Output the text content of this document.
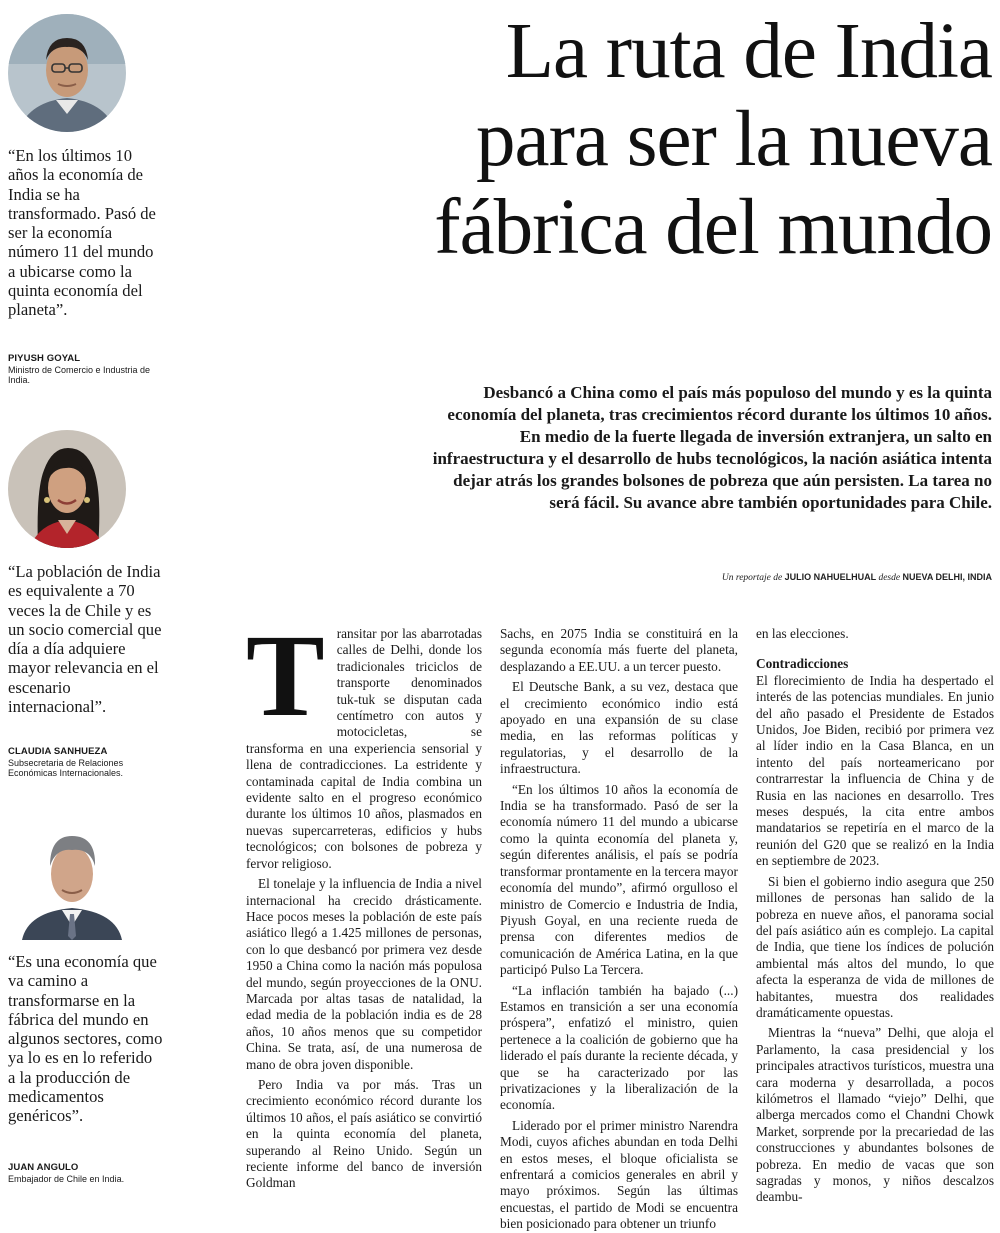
“En los últimos 10 años la economía de India se ha transformado. Pasó de ser la economía número 11 del mundo a ubicarse como la quinta economía del planeta”.

PIYUSH GOYAL

Ministro de Comercio e Industria de India.

“La población de India es equivalente a 70 veces la de Chile y es un socio comercial que día a día adquiere mayor relevancia en el escenario internacional”.

CLAUDIA SANHUEZA

Subsecretaria de Relaciones Económicas Internacionales.

“Es una economía que va camino a transformarse en la fábrica del mundo en algunos sectores, como ya lo es en lo referido a la producción de medicamentos genéricos”.

JUAN ANGULO

Embajador de Chile en India.

La ruta de India
para ser la nueva
fábrica del mundo

Desbancó a China como el país más populoso del mundo y es la quinta economía del planeta, tras crecimientos récord durante los últimos 10 años. En medio de la fuerte llegada de inversión extranjera, un salto en infraestructura y el desarrollo de hubs tecnológicos, la nación asiática intenta dejar atrás los grandes bolsones de pobreza que aún persisten. La tarea no será fácil. Su avance abre también oportunidades para Chile.

Un reportaje de JULIO NAHUELHUAL desde NUEVA DELHI, INDIA

T ransitar por las abarrotadas calles de Delhi, donde los tradicionales triciclos de transporte denominados tuk-tuk se disputan cada centímetro con autos y motocicletas, se transforma en una experiencia sensorial y llena de contradicciones. La estridente y contaminada capital de India combina un evidente salto en el progreso económico durante los últimos 10 años, plasmados en nuevas supercarreteras, edificios y hubs tecnológicos; con bolsones de pobreza y fervor religioso.

El tonelaje y la influencia de India a nivel internacional ha crecido drásticamente. Hace pocos meses la población de este país asiático llegó a 1.425 millones de personas, con lo que desbancó por primera vez desde 1950 a China como la nación más populosa del mundo, según proyecciones de la ONU. Marcada por altas tasas de natalidad, la edad media de la población india es de 28 años, 10 años menos que su competidor China. Se trata, así, de una numerosa de mano de obra joven disponible.

Pero India va por más. Tras un crecimiento económico récord durante los últimos 10 años, el país asiático se convirtió en la quinta economía del planeta, superando al Reino Unido. Según un reciente informe del banco de inversión Goldman

Sachs, en 2075 India se constituirá en la segunda economía más fuerte del planeta, desplazando a EE.UU. a un tercer puesto.

El Deutsche Bank, a su vez, destaca que el crecimiento económico indio está apoyado en una expansión de su clase media, en las reformas políticas y regulatorias, y el desarrollo de la infraestructura.

“En los últimos 10 años la economía de India se ha transformado. Pasó de ser la economía número 11 del mundo a ubicarse como la quinta economía del planeta y, según diferentes análisis, el país se podría transformar prontamente en la tercera mayor economía del mundo”, afirmó orgulloso el ministro de Comercio e Industria de India, Piyush Goyal, en una reciente rueda de prensa con diferentes medios de comunicación de América Latina, en la que participó Pulso La Tercera.

“La inflación también ha bajado (...) Estamos en transición a ser una economía próspera”, enfatizó el ministro, quien pertenece a la coalición de gobierno que ha liderado el país durante la reciente década, y que se ha caracterizado por las privatizaciones y la liberalización de la economía.

Liderado por el primer ministro Narendra Modi, cuyos afiches abundan en toda Delhi en estos meses, el bloque oficialista se enfrentará a comicios generales en abril y mayo próximos. Según las últimas encuestas, el partido de Modi se encuentra bien posicionado para obtener un triunfo

en las elecciones.

Contradicciones

El florecimiento de India ha despertado el interés de las potencias mundiales. En junio del año pasado el Presidente de Estados Unidos, Joe Biden, recibió por primera vez al líder indio en la Casa Blanca, en un intento del país norteamericano por contrarrestar la influencia de China y de Rusia en las naciones en desarrollo. Tres meses después, la cita entre ambos mandatarios se repetiría en el marco de la reunión del G20 que se realizó en la India en septiembre de 2023.

Si bien el gobierno indio asegura que 250 millones de personas han salido de la pobreza en nueve años, el panorama social del país asiático aún es complejo. La capital de India, que tiene los índices de polución ambiental más altos del mundo, lo que afecta la esperanza de vida de millones de habitantes, muestra dos realidades dramáticamente opuestas.

Mientras la “nueva” Delhi, que aloja el Parlamento, la casa presidencial y los principales atractivos turísticos, muestra una cara moderna y desarrollada, a pocos kilómetros el llamado “viejo” Delhi, que alberga mercados como el Chandni Chowk Market, sorprende por la precariedad de las construcciones y abundantes bolsones de pobreza. En medio de vacas que son sagradas y monos, y niños descalzos deambu-
